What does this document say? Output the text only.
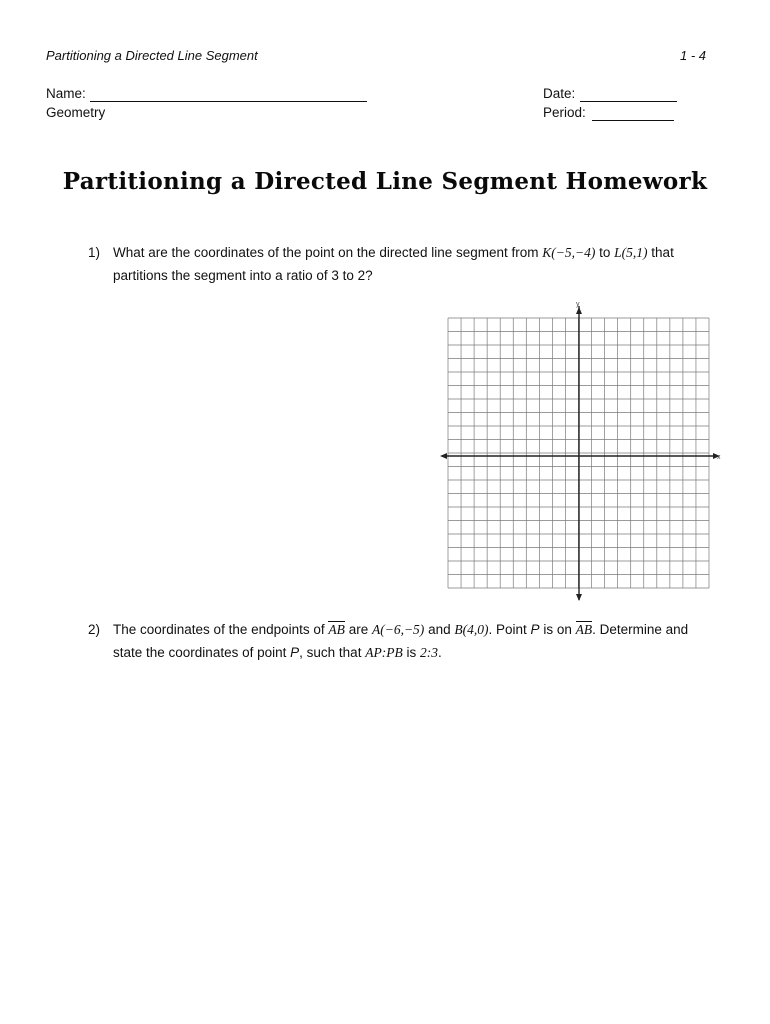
Partitioning a Directed Line Segment	1 - 4
Name:
Geometry
Date:
Period:
Partitioning a Directed Line Segment Homework
1) What are the coordinates of the point on the directed line segment from K(−5,−4) to L(5,1) that
partitions the segment into a ratio of 3 to 2?
y
x
2) The coordinates of the endpoints of AB are A(−6,−5) and B(4,0). Point P is on AB. Determine and
state the coordinates of point P, such that AP:PB is 2:3.
